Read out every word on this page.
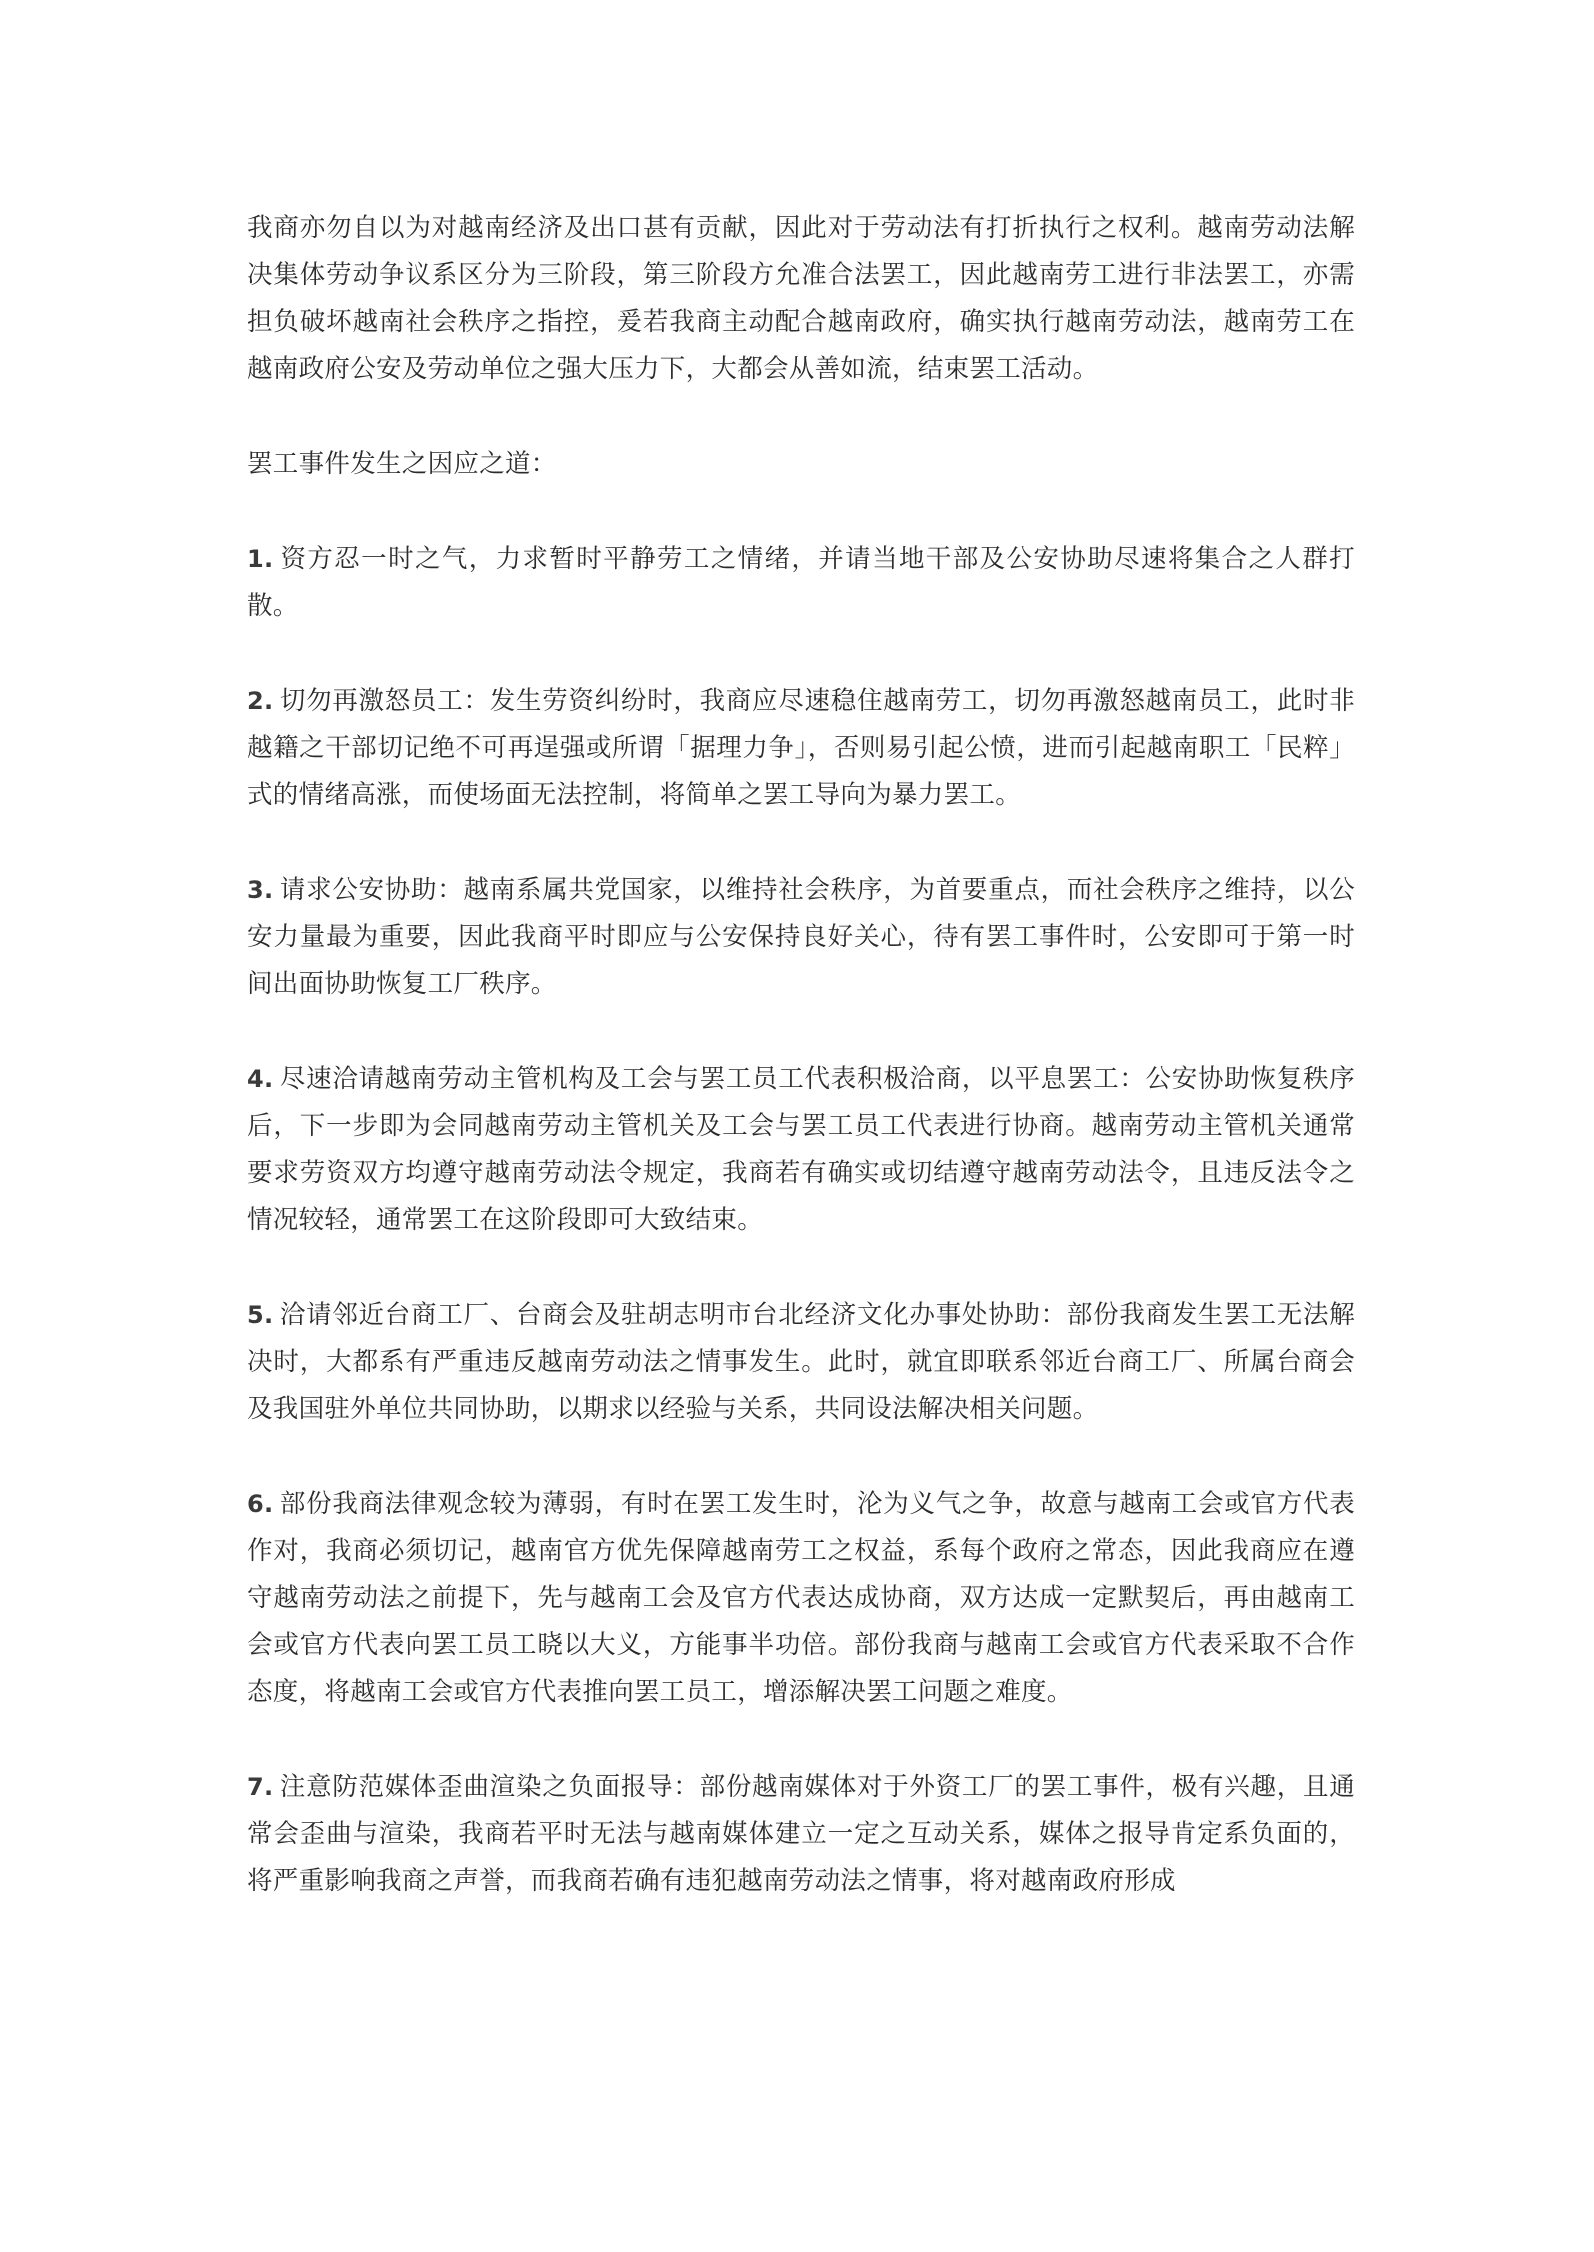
我商亦勿自以为对越南经济及出口甚有贡献，因此对于劳动法有打折执行之权利。越南劳动法解决集体劳动争议系区分为三阶段，第三阶段方允准合法罢工，因此越南劳工进行非法罢工，亦需担负破坏越南社会秩序之指控，爰若我商主动配合越南政府，确实执行越南劳动法，越南劳工在越南政府公安及劳动单位之强大压力下，大都会从善如流，结束罢工活动。

罢工事件发生之因应之道：

1. 资方忍一时之气，力求暂时平静劳工之情绪，并请当地干部及公安协助尽速将集合之人群打散。

2. 切勿再激怒员工：发生劳资纠纷时，我商应尽速稳住越南劳工，切勿再激怒越南员工，此时非越籍之干部切记绝不可再逞强或所谓「据理力争」，否则易引起公愤，进而引起越南职工「民粹」式的情绪高涨，而使场面无法控制，将简单之罢工导向为暴力罢工。

3. 请求公安协助：越南系属共党国家，以维持社会秩序，为首要重点，而社会秩序之维持，以公安力量最为重要，因此我商平时即应与公安保持良好关心，待有罢工事件时，公安即可于第一时间出面协助恢复工厂秩序。

4. 尽速洽请越南劳动主管机构及工会与罢工员工代表积极洽商，以平息罢工：公安协助恢复秩序后，下一步即为会同越南劳动主管机关及工会与罢工员工代表进行协商。越南劳动主管机关通常要求劳资双方均遵守越南劳动法令规定，我商若有确实或切结遵守越南劳动法令，且违反法令之情况较轻，通常罢工在这阶段即可大致结束。

5. 洽请邻近台商工厂、台商会及驻胡志明市台北经济文化办事处协助：部份我商发生罢工无法解决时，大都系有严重违反越南劳动法之情事发生。此时，就宜即联系邻近台商工厂、所属台商会及我国驻外单位共同协助，以期求以经验与关系，共同设法解决相关问题。

6. 部份我商法律观念较为薄弱，有时在罢工发生时，沦为义气之争，故意与越南工会或官方代表作对，我商必须切记，越南官方优先保障越南劳工之权益，系每个政府之常态，因此我商应在遵守越南劳动法之前提下，先与越南工会及官方代表达成协商，双方达成一定默契后，再由越南工会或官方代表向罢工员工晓以大义，方能事半功倍。部份我商与越南工会或官方代表采取不合作态度，将越南工会或官方代表推向罢工员工，增添解决罢工问题之难度。

7. 注意防范媒体歪曲渲染之负面报导：部份越南媒体对于外资工厂的罢工事件，极有兴趣，且通常会歪曲与渲染，我商若平时无法与越南媒体建立一定之互动关系，媒体之报导肯定系负面的，将严重影响我商之声誉，而我商若确有违犯越南劳动法之情事，将对越南政府形成
